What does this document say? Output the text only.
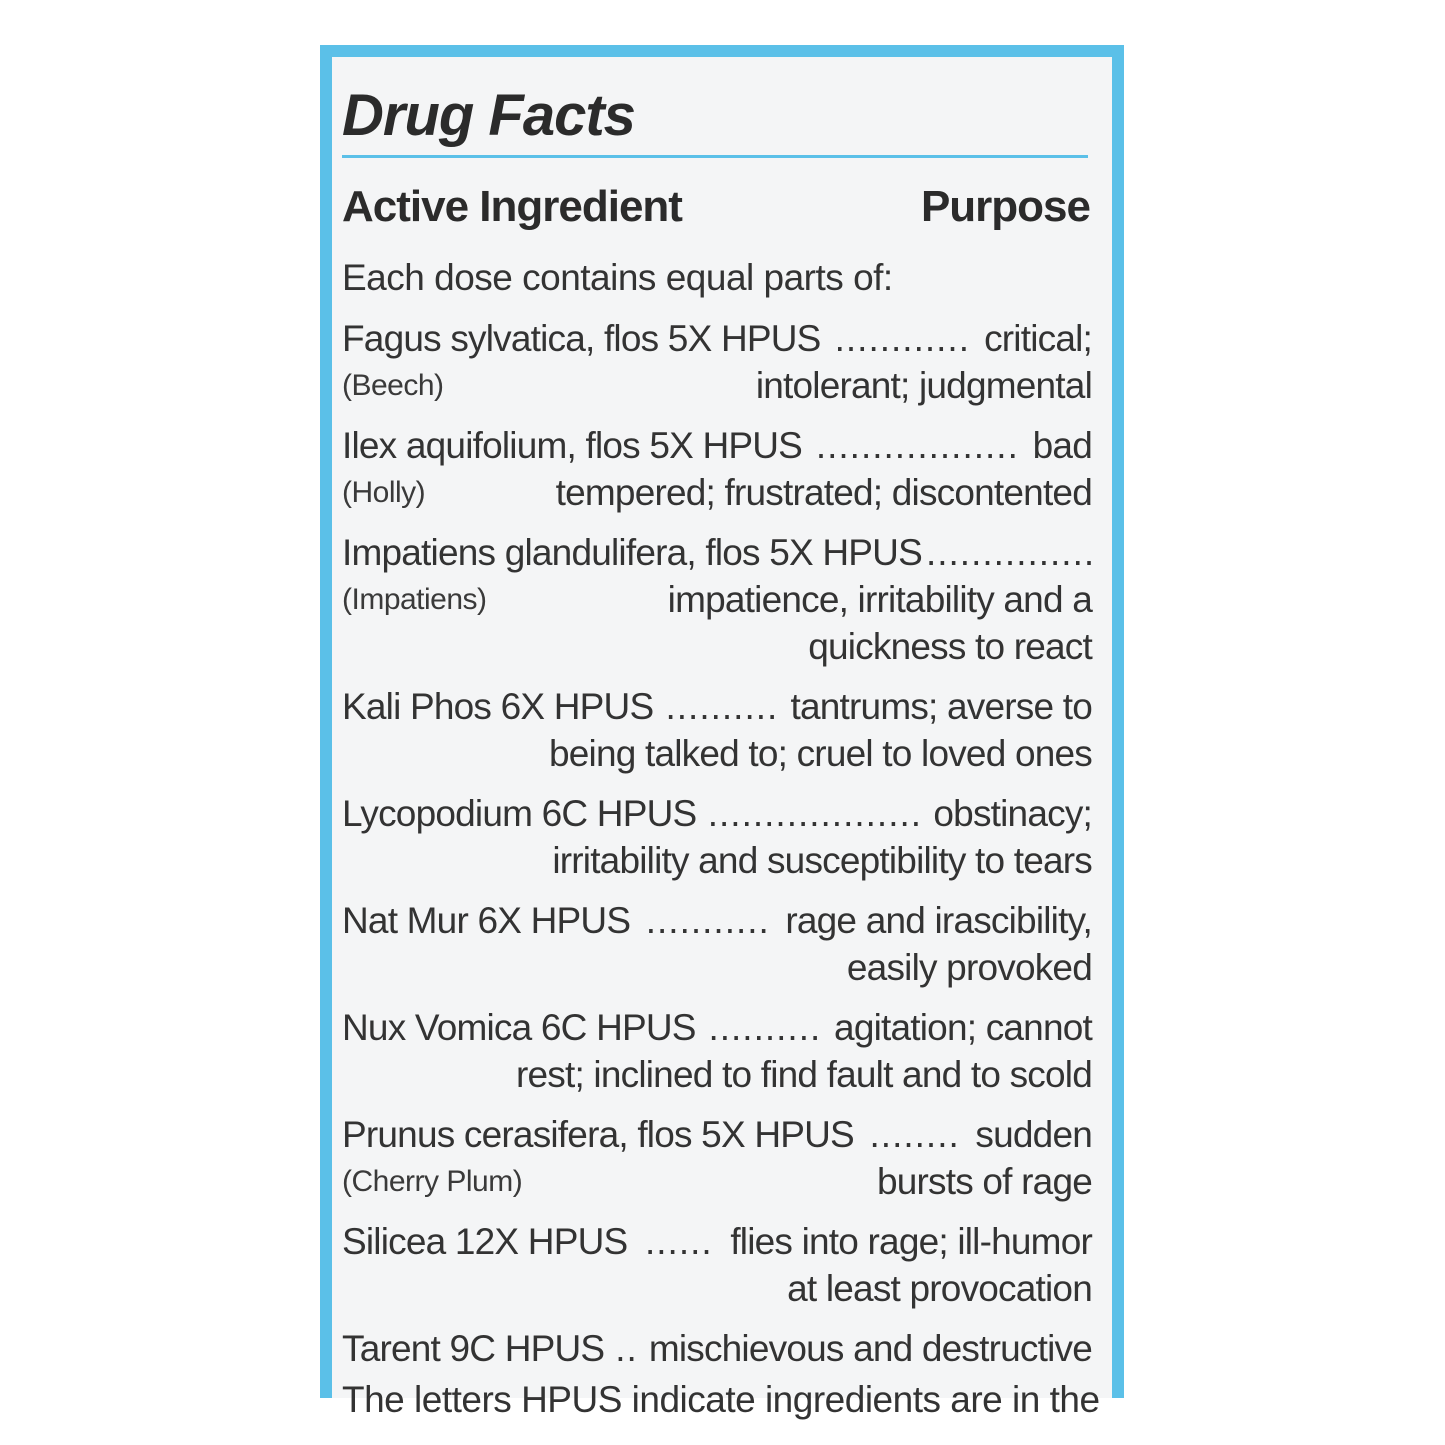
Drug Facts
Active Ingredient	Purpose
Each dose contains equal parts of:
Fagus sylvatica, flos 5X HPUS ............ critical;
(Beech)	intolerant; judgmental
Ilex aquifolium, flos 5X HPUS .................. bad
(Holly)	tempered; frustrated; discontented
Impatiens glandulifera, flos 5X HPUS ...............
(Impatiens)	impatience, irritability and a
quickness to react
Kali Phos 6X HPUS .......... tantrums; averse to
being talked to; cruel to loved ones
Lycopodium 6C HPUS ................... obstinacy;
irritability and susceptibility to tears
Nat Mur 6X HPUS ........... rage and irascibility,
easily provoked
Nux Vomica 6C HPUS .......... agitation; cannot
rest; inclined to find fault and to scold
Prunus cerasifera, flos 5X HPUS ........ sudden
(Cherry Plum)	bursts of rage
Silicea 12X HPUS ...... flies into rage; ill-humor
at least provocation
Tarent 9C HPUS .. mischievous and destructive
The letters HPUS indicate ingredients are in the
